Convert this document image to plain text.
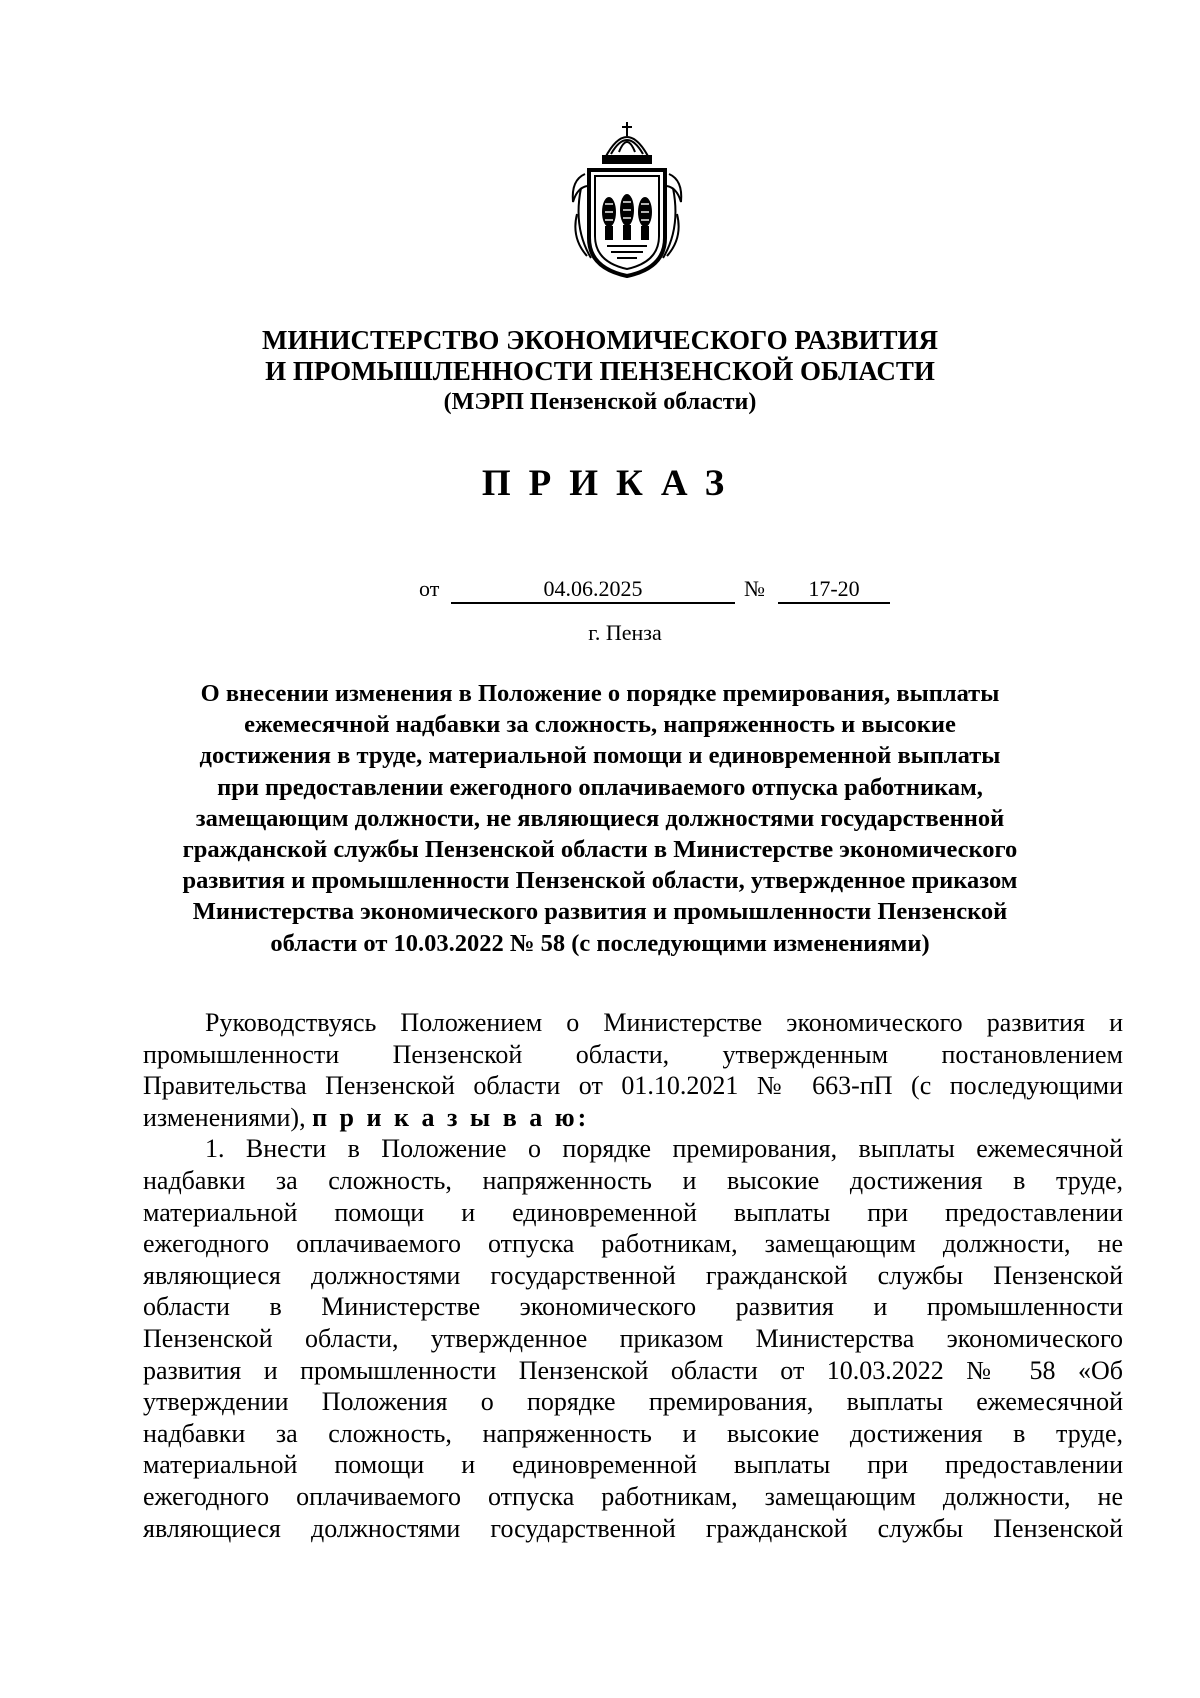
МИНИСТЕРСТВО ЭКОНОМИЧЕСКОГО РАЗВИТИЯ
И ПРОМЫШЛЕННОСТИ ПЕНЗЕНСКОЙ ОБЛАСТИ
(МЭРП Пензенской области)
ПРИКАЗ
от	04.06.2025	№	17-20
г. Пенза
О внесении изменения в Положение о порядке премирования, выплаты
ежемесячной надбавки за сложность, напряженность и высокие
достижения в труде, материальной помощи и единовременной выплаты
при предоставлении ежегодного оплачиваемого отпуска работникам,
замещающим должности, не являющиеся должностями государственной
гражданской службы Пензенской области в Министерстве экономического
развития и промышленности Пензенской области, утвержденное приказом
Министерства экономического развития и промышленности Пензенской
области от 10.03.2022 № 58 (с последующими изменениями)
Руководствуясь Положением о Министерстве экономического развития и
промышленности Пензенской области, утвержденным постановлением
Правительства Пензенской области от 01.10.2021 № 663-пП (с последующими
изменениями), п р и к а з ы в а ю:
1. Внести в Положение о порядке премирования, выплаты ежемесячной
надбавки за сложность, напряженность и высокие достижения в труде,
материальной помощи и единовременной выплаты при предоставлении
ежегодного оплачиваемого отпуска работникам, замещающим должности, не
являющиеся должностями государственной гражданской службы Пензенской
области в Министерстве экономического развития и промышленности
Пензенской области, утвержденное приказом Министерства экономического
развития и промышленности Пензенской области от 10.03.2022 № 58 «Об
утверждении Положения о порядке премирования, выплаты ежемесячной
надбавки за сложность, напряженность и высокие достижения в труде,
материальной помощи и единовременной выплаты при предоставлении
ежегодного оплачиваемого отпуска работникам, замещающим должности, не
являющиеся должностями государственной гражданской службы Пензенской
